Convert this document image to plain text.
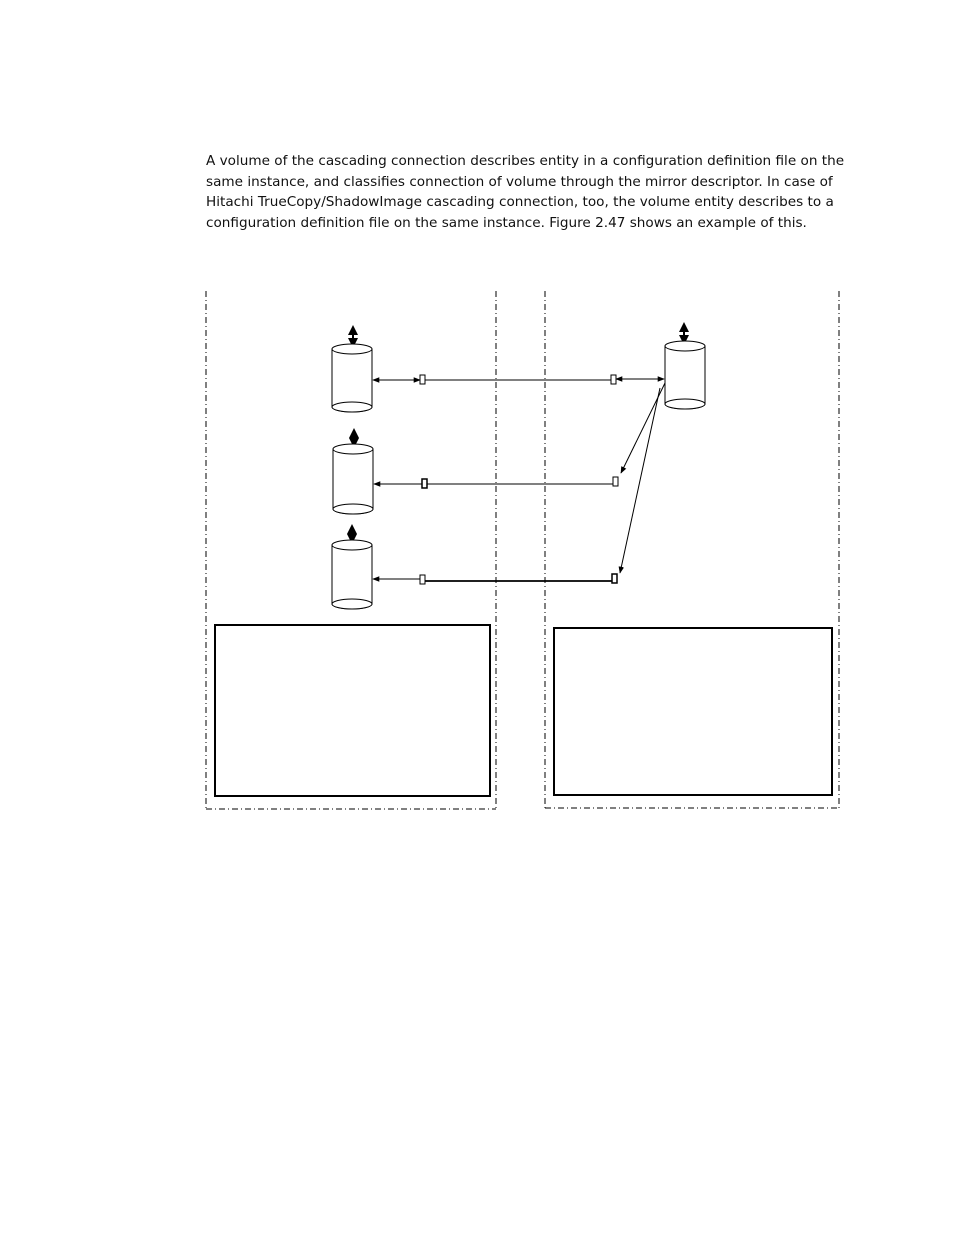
A volume of the cascading connection describes entity in a configuration definition file on the same instance, and classifies connection of volume through the mirror descriptor. In case of Hitachi TrueCopy/ShadowImage cascading connection, too, the volume entity describes to a configuration definition file on the same instance. Figure 2.47 shows an example of this.
